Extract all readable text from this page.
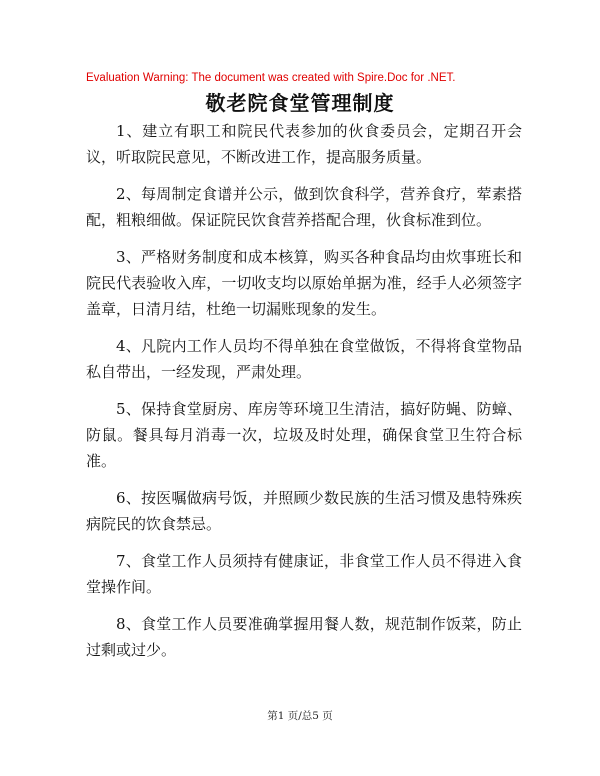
Evaluation Warning: The document was created with Spire.Doc for .NET.
敬老院食堂管理制度

1、建立有职工和院民代表参加的伙食委员会，定期召开会议，听取院民意见，不断改进工作，提高服务质量。

2、每周制定食谱并公示，做到饮食科学，营养食疗，荤素搭配，粗粮细做。保证院民饮食营养搭配合理，伙食标准到位。

3、严格财务制度和成本核算，购买各种食品均由炊事班长和院民代表验收入库，一切收支均以原始单据为准，经手人必须签字盖章，日清月结，杜绝一切漏账现象的发生。

4、凡院内工作人员均不得单独在食堂做饭，不得将食堂物品私自带出，一经发现，严肃处理。

5、保持食堂厨房、库房等环境卫生清洁，搞好防蝇、防蟑、防鼠。餐具每月消毒一次，垃圾及时处理，确保食堂卫生符合标准。

6、按医嘱做病号饭，并照顾少数民族的生活习惯及患特殊疾病院民的饮食禁忌。

7、食堂工作人员须持有健康证，非食堂工作人员不得进入食堂操作间。

8、食堂工作人员要准确掌握用餐人数，规范制作饭菜，防止过剩或过少。

第1 页/总5 页
